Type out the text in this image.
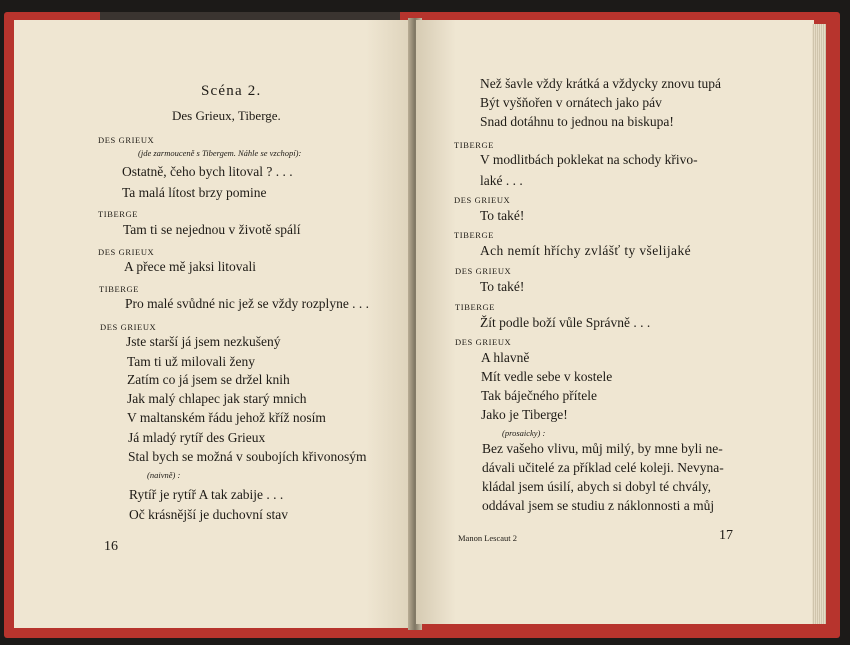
Scéna 2.
Des Grieux, Tiberge.
DES GRIEUX
(jde zarmouceně s Tibergem. Náhle se vzchopí):
Ostatně, čeho bych litoval ? . . .
Ta malá lítost brzy pomine
TIBERGE
Tam ti se nejednou v životě spálí
DES GRIEUX
A přece mě jaksi litovali
TIBERGE
Pro malé svůdné nic jež se vždy rozplyne . . .
DES GRIEUX
Jste starší já jsem nezkušený
Tam ti už milovali ženy
Zatím co já jsem se držel knih
Jak malý chlapec jak starý mnich
V maltanském řádu jehož kříž nosím
Já mladý rytíř des Grieux
Stal bych se možná v soubojích křivonosým
(naivně) :
Rytíř je rytíř A tak zabije . . .
Oč krásnější je duchovní stav
16
Než šavle vždy krátká a vždycky znovu tupá
Být vyšňořen v ornátech jako páv
Snad dotáhnu to jednou na biskupa!
TIBERGE
V modlitbách poklekat na schody křivo-
laké . . .
DES GRIEUX
To také!
TIBERGE
Ach nemít hříchy zvlášť ty všelijaké
DES GRIEUX
To také!
TIBERGE
Žít podle boží vůle Správně . . .
DES GRIEUX
A hlavně
Mít vedle sebe v kostele
Tak báječného přítele
Jako je Tiberge!
(prosaicky) :
Bez vašeho vlivu, můj milý, by mne byli ne-
dávali učitelé za příklad celé koleji. Nevyna-
kládal jsem úsilí, abych si dobyl té chvály,
oddával jsem se studiu z náklonnosti a můj
Manon Lescaut 2	17
